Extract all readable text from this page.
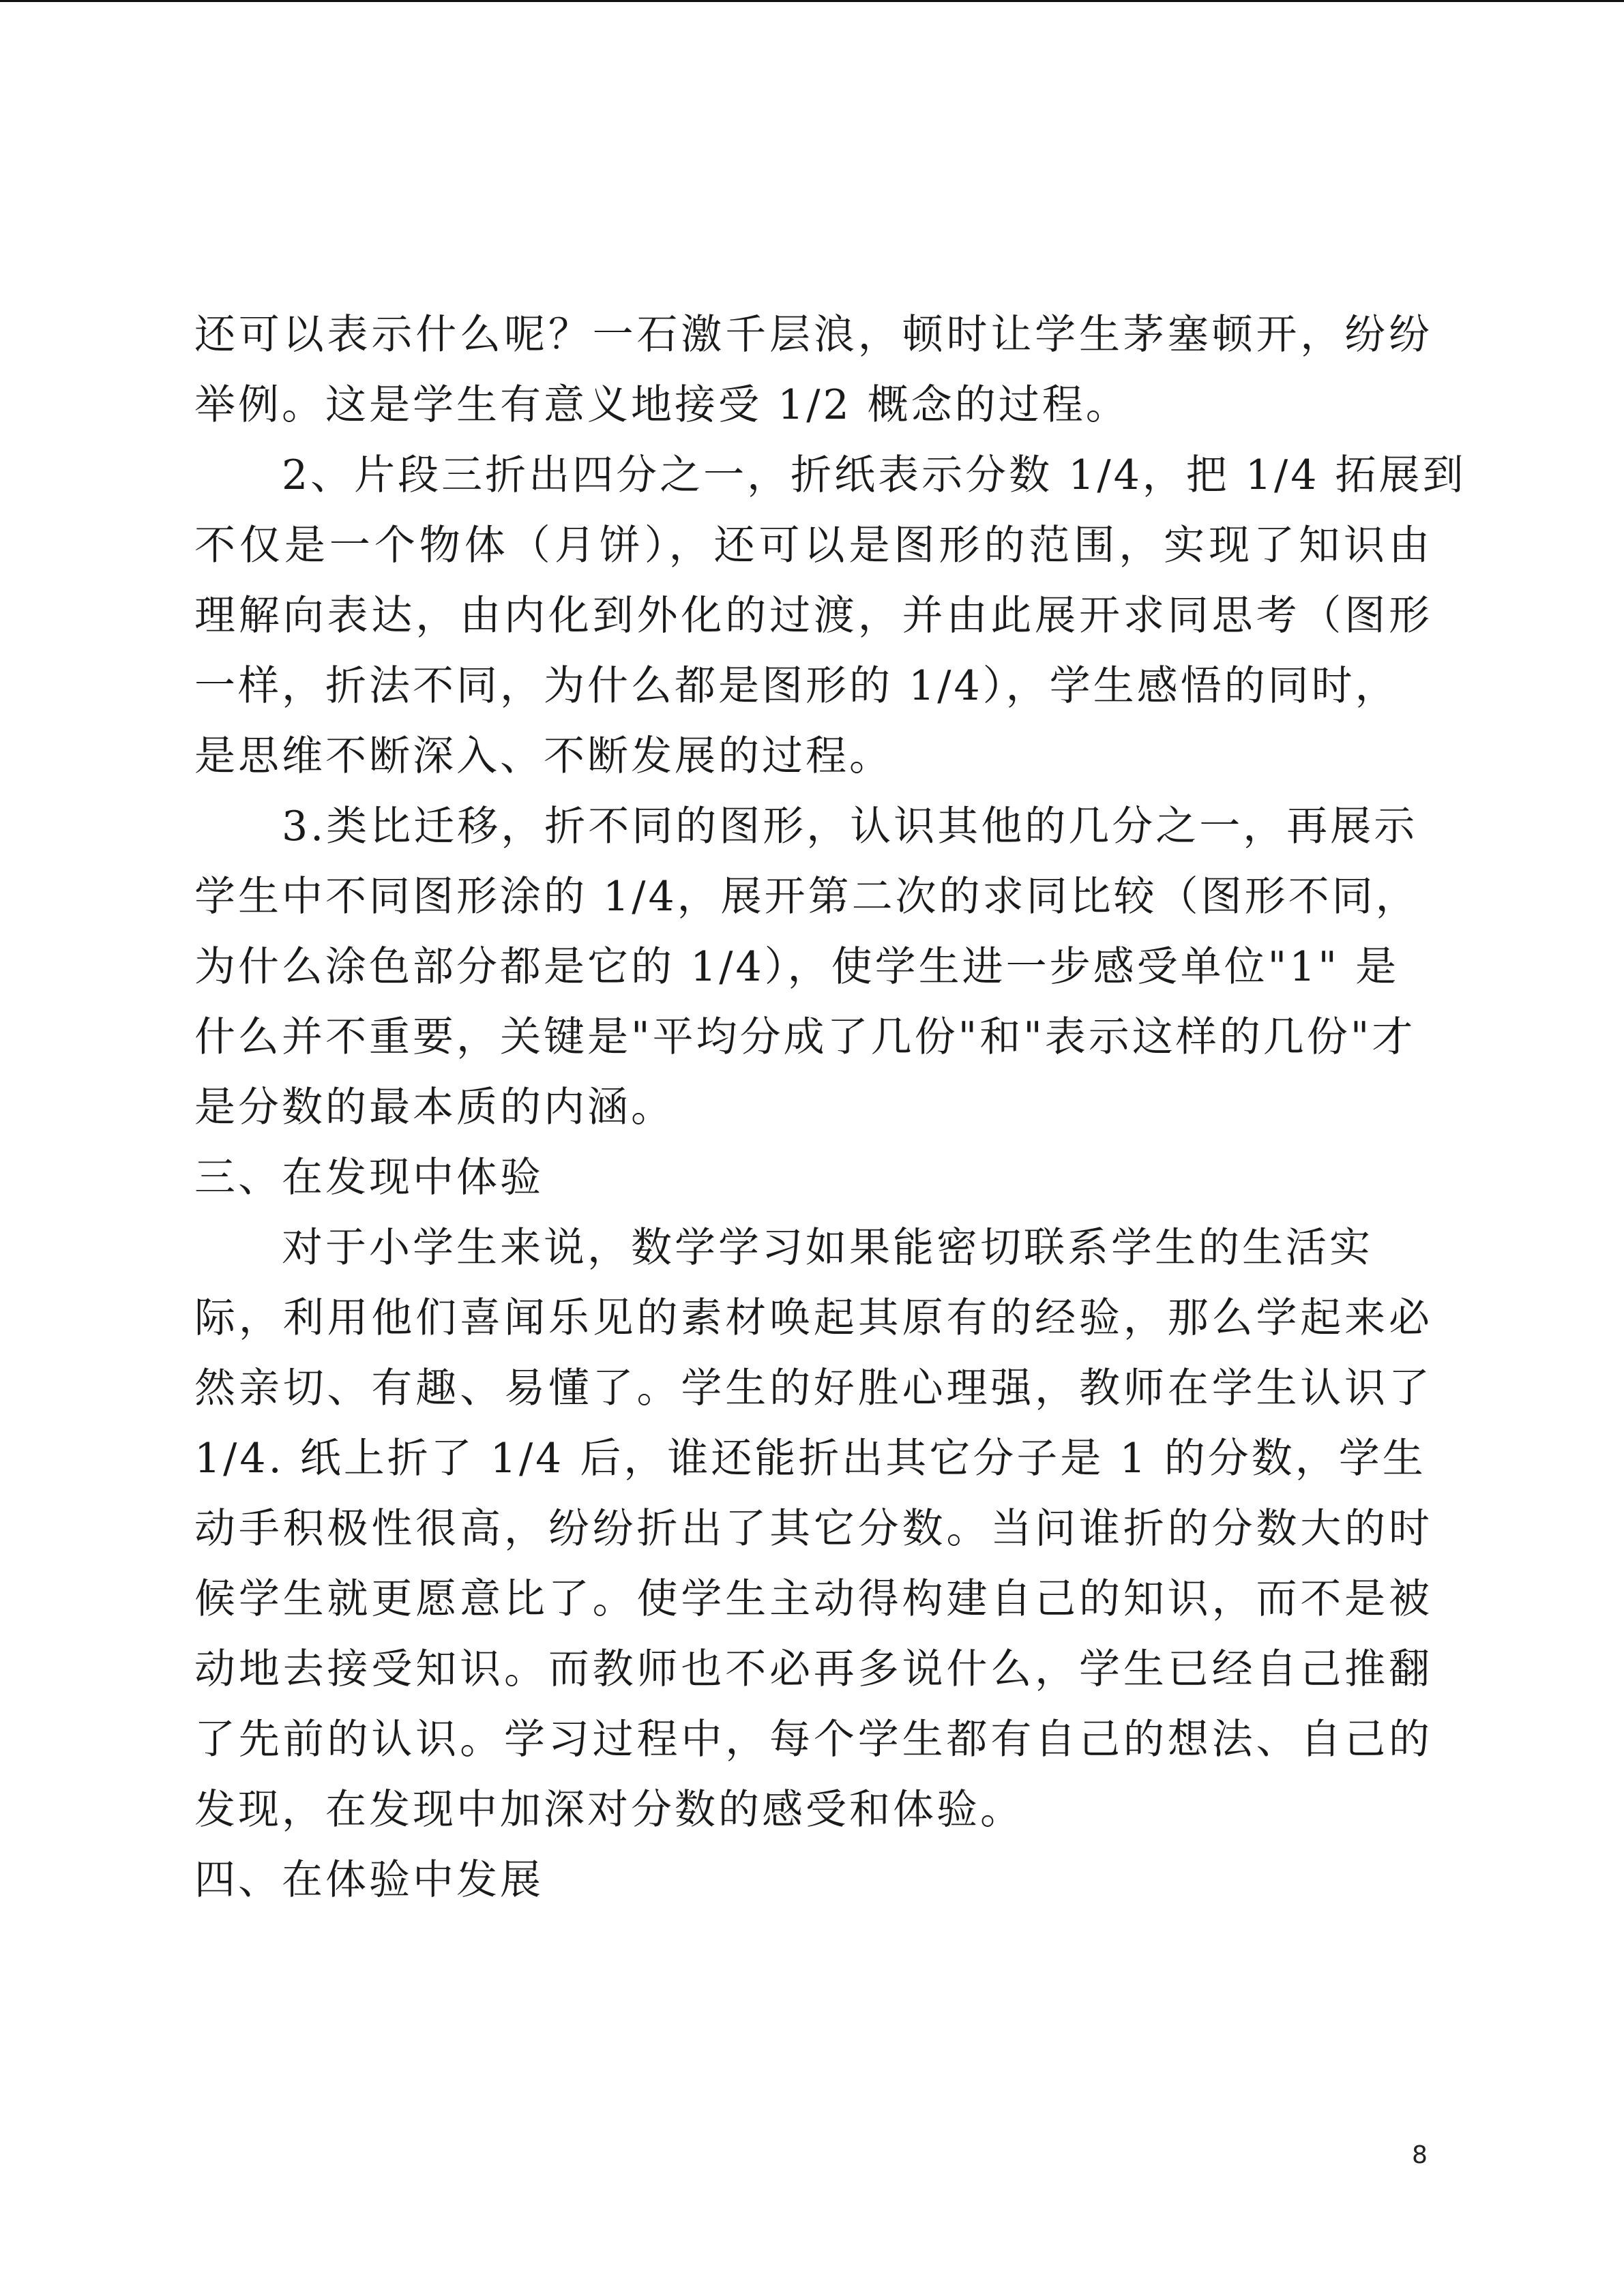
还可以表示什么呢？一石激千层浪，顿时让学生茅塞顿开，纷纷
举例。这是学生有意义地接受 1/2 概念的过程。
2、片段三折出四分之一，折纸表示分数 1/4，把 1/4 拓展到
不仅是一个物体（月饼），还可以是图形的范围，实现了知识由
理解向表达，由内化到外化的过渡，并由此展开求同思考（图形
一样，折法不同，为什么都是图形的 1/4），学生感悟的同时，
是思维不断深入、不断发展的过程。
3.类比迁移，折不同的图形，认识其他的几分之一，再展示
学生中不同图形涂的 1/4，展开第二次的求同比较（图形不同，
为什么涂色部分都是它的 1/4），使学生进一步感受单位"1" 是
什么并不重要，关键是"平均分成了几份"和"表示这样的几份"才
是分数的最本质的内涵。
三、在发现中体验
对于小学生来说，数学学习如果能密切联系学生的生活实
际，利用他们喜闻乐见的素材唤起其原有的经验，那么学起来必
然亲切、有趣、易懂了。学生的好胜心理强，教师在学生认识了
1/4. 纸上折了 1/4 后，谁还能折出其它分子是 1 的分数，学生
动手积极性很高，纷纷折出了其它分数。当问谁折的分数大的时
候学生就更愿意比了。使学生主动得构建自己的知识，而不是被
动地去接受知识。而教师也不必再多说什么，学生已经自己推翻
了先前的认识。学习过程中，每个学生都有自己的想法、自己的
发现，在发现中加深对分数的感受和体验。
四、在体验中发展
8
